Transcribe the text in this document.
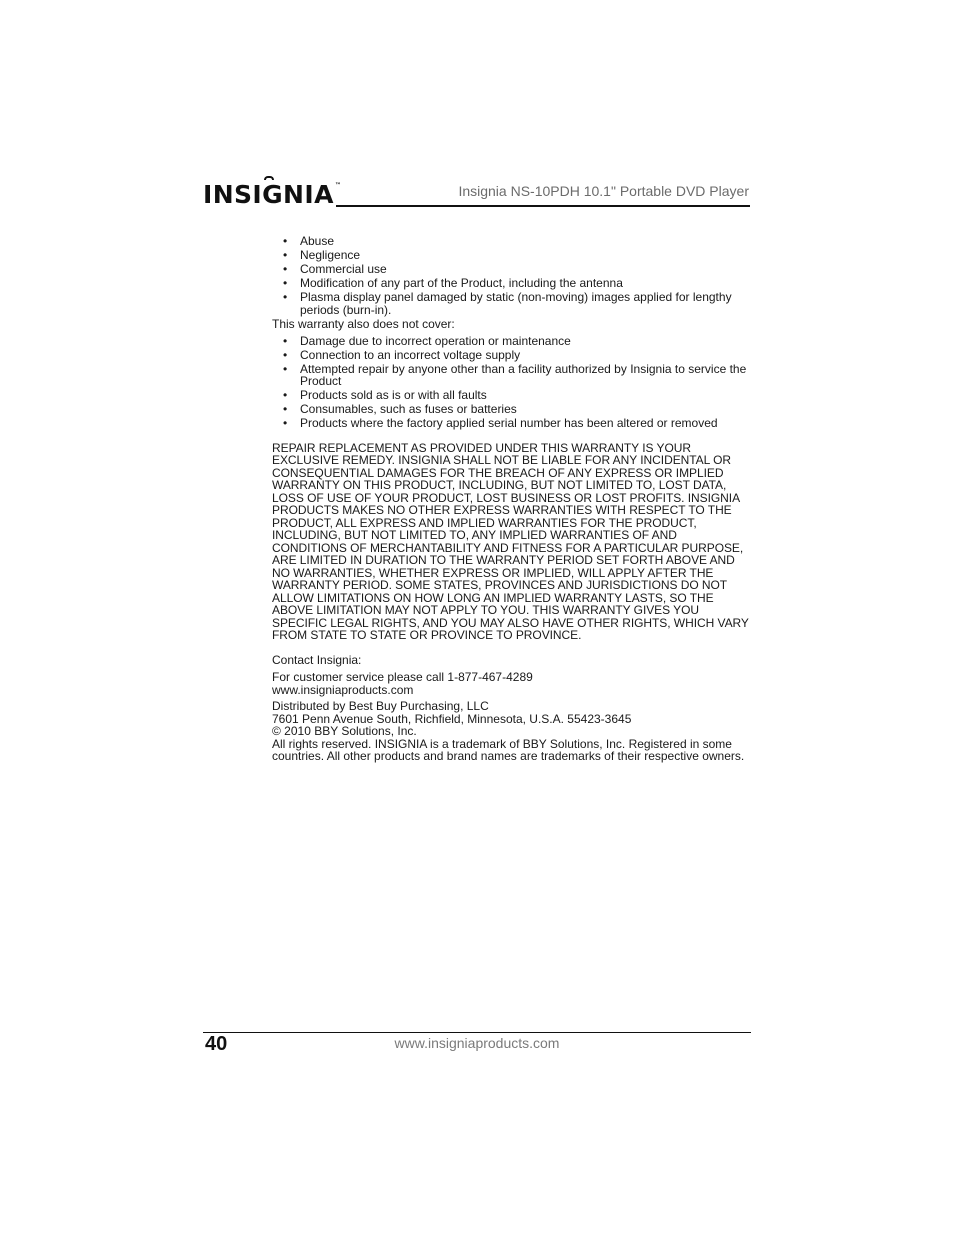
INSIGNIA™	Insignia NS-10PDH 10.1" Portable DVD Player
• Abuse
• Negligence
• Commercial use
• Modification of any part of the Product, including the antenna
• Plasma display panel damaged by static (non-moving) images applied for lengthy periods (burn-in).

This warranty also does not cover:

• Damage due to incorrect operation or maintenance
• Connection to an incorrect voltage supply
• Attempted repair by anyone other than a facility authorized by Insignia to service the Product
• Products sold as is or with all faults
• Consumables, such as fuses or batteries
• Products where the factory applied serial number has been altered or removed

REPAIR REPLACEMENT AS PROVIDED UNDER THIS WARRANTY IS YOUR EXCLUSIVE REMEDY. INSIGNIA SHALL NOT BE LIABLE FOR ANY INCIDENTAL OR CONSEQUENTIAL DAMAGES FOR THE BREACH OF ANY EXPRESS OR IMPLIED WARRANTY ON THIS PRODUCT, INCLUDING, BUT NOT LIMITED TO, LOST DATA, LOSS OF USE OF YOUR PRODUCT, LOST BUSINESS OR LOST PROFITS. INSIGNIA PRODUCTS MAKES NO OTHER EXPRESS WARRANTIES WITH RESPECT TO THE PRODUCT, ALL EXPRESS AND IMPLIED WARRANTIES FOR THE PRODUCT, INCLUDING, BUT NOT LIMITED TO, ANY IMPLIED WARRANTIES OF AND CONDITIONS OF MERCHANTABILITY AND FITNESS FOR A PARTICULAR PURPOSE, ARE LIMITED IN DURATION TO THE WARRANTY PERIOD SET FORTH ABOVE AND NO WARRANTIES, WHETHER EXPRESS OR IMPLIED, WILL APPLY AFTER THE WARRANTY PERIOD. SOME STATES, PROVINCES AND JURISDICTIONS DO NOT ALLOW LIMITATIONS ON HOW LONG AN IMPLIED WARRANTY LASTS, SO THE ABOVE LIMITATION MAY NOT APPLY TO YOU. THIS WARRANTY GIVES YOU SPECIFIC LEGAL RIGHTS, AND YOU MAY ALSO HAVE OTHER RIGHTS, WHICH VARY FROM STATE TO STATE OR PROVINCE TO PROVINCE.

Contact Insignia:

For customer service please call 1-877-467-4289

www.insigniaproducts.com

Distributed by Best Buy Purchasing, LLC

7601 Penn Avenue South, Richfield, Minnesota, U.S.A. 55423-3645

© 2010 BBY Solutions, Inc.

All rights reserved. INSIGNIA is a trademark of BBY Solutions, Inc. Registered in some countries. All other products and brand names are trademarks of their respective owners.

40	www.insigniaproducts.com
